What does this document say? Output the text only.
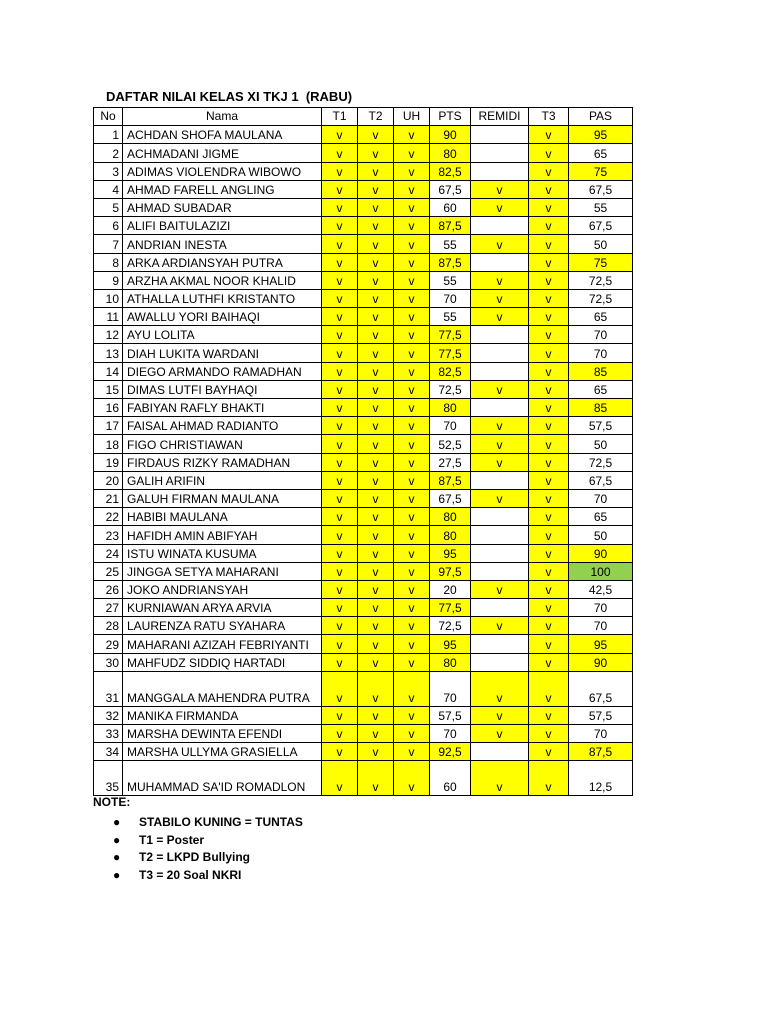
DAFTAR NILAI KELAS XI TKJ 1  (RABU)
No	Nama	T1	T2	UH	PTS	REMIDI	T3	PAS
1	ACHDAN SHOFA MAULANA	v	v	v	90		v	95
2	ACHMADANI JIGME	v	v	v	80		v	65
3	ADIMAS VIOLENDRA WIBOWO	v	v	v	82,5		v	75
4	AHMAD FARELL ANGLING	v	v	v	67,5	v	v	67,5
5	AHMAD SUBADAR	v	v	v	60	v	v	55
6	ALIFI BAITULAZIZI	v	v	v	87,5		v	67,5
7	ANDRIAN INESTA	v	v	v	55	v	v	50
8	ARKA ARDIANSYAH PUTRA	v	v	v	87,5		v	75
9	ARZHA AKMAL NOOR KHALID	v	v	v	55	v	v	72,5
10	ATHALLA LUTHFI KRISTANTO	v	v	v	70	v	v	72,5
11	AWALLU YORI BAIHAQI	v	v	v	55	v	v	65
12	AYU LOLITA	v	v	v	77,5		v	70
13	DIAH LUKITA WARDANI	v	v	v	77,5		v	70
14	DIEGO ARMANDO RAMADHAN	v	v	v	82,5		v	85
15	DIMAS LUTFI BAYHAQI	v	v	v	72,5	v	v	65
16	FABIYAN RAFLY BHAKTI	v	v	v	80		v	85
17	FAISAL AHMAD RADIANTO	v	v	v	70	v	v	57,5
18	FIGO CHRISTIAWAN	v	v	v	52,5	v	v	50
19	FIRDAUS RIZKY RAMADHAN	v	v	v	27,5	v	v	72,5
20	GALIH ARIFIN	v	v	v	87,5		v	67,5
21	GALUH FIRMAN MAULANA	v	v	v	67,5	v	v	70
22	HABIBI MAULANA	v	v	v	80		v	65
23	HAFIDH AMIN ABIFYAH	v	v	v	80		v	50
24	ISTU WINATA KUSUMA	v	v	v	95		v	90
25	JINGGA SETYA MAHARANI	v	v	v	97,5		v	100
26	JOKO ANDRIANSYAH	v	v	v	20	v	v	42,5
27	KURNIAWAN ARYA ARVIA	v	v	v	77,5		v	70
28	LAURENZA RATU SYAHARA	v	v	v	72,5	v	v	70
29	MAHARANI AZIZAH FEBRIYANTI	v	v	v	95		v	95
30	MAHFUDZ SIDDIQ HARTADI	v	v	v	80		v	90
31	MANGGALA MAHENDRA PUTRA	v	v	v	70	v	v	67,5
32	MANIKA FIRMANDA	v	v	v	57,5	v	v	57,5
33	MARSHA DEWINTA EFENDI	v	v	v	70	v	v	70
34	MARSHA ULLYMA GRASIELLA	v	v	v	92,5		v	87,5
35	MUHAMMAD SA'ID ROMADLON	v	v	v	60	v	v	12,5
NOTE:
● STABILO KUNING = TUNTAS
● T1 = Poster
● T2 = LKPD Bullying
● T3 = 20 Soal NKRI
